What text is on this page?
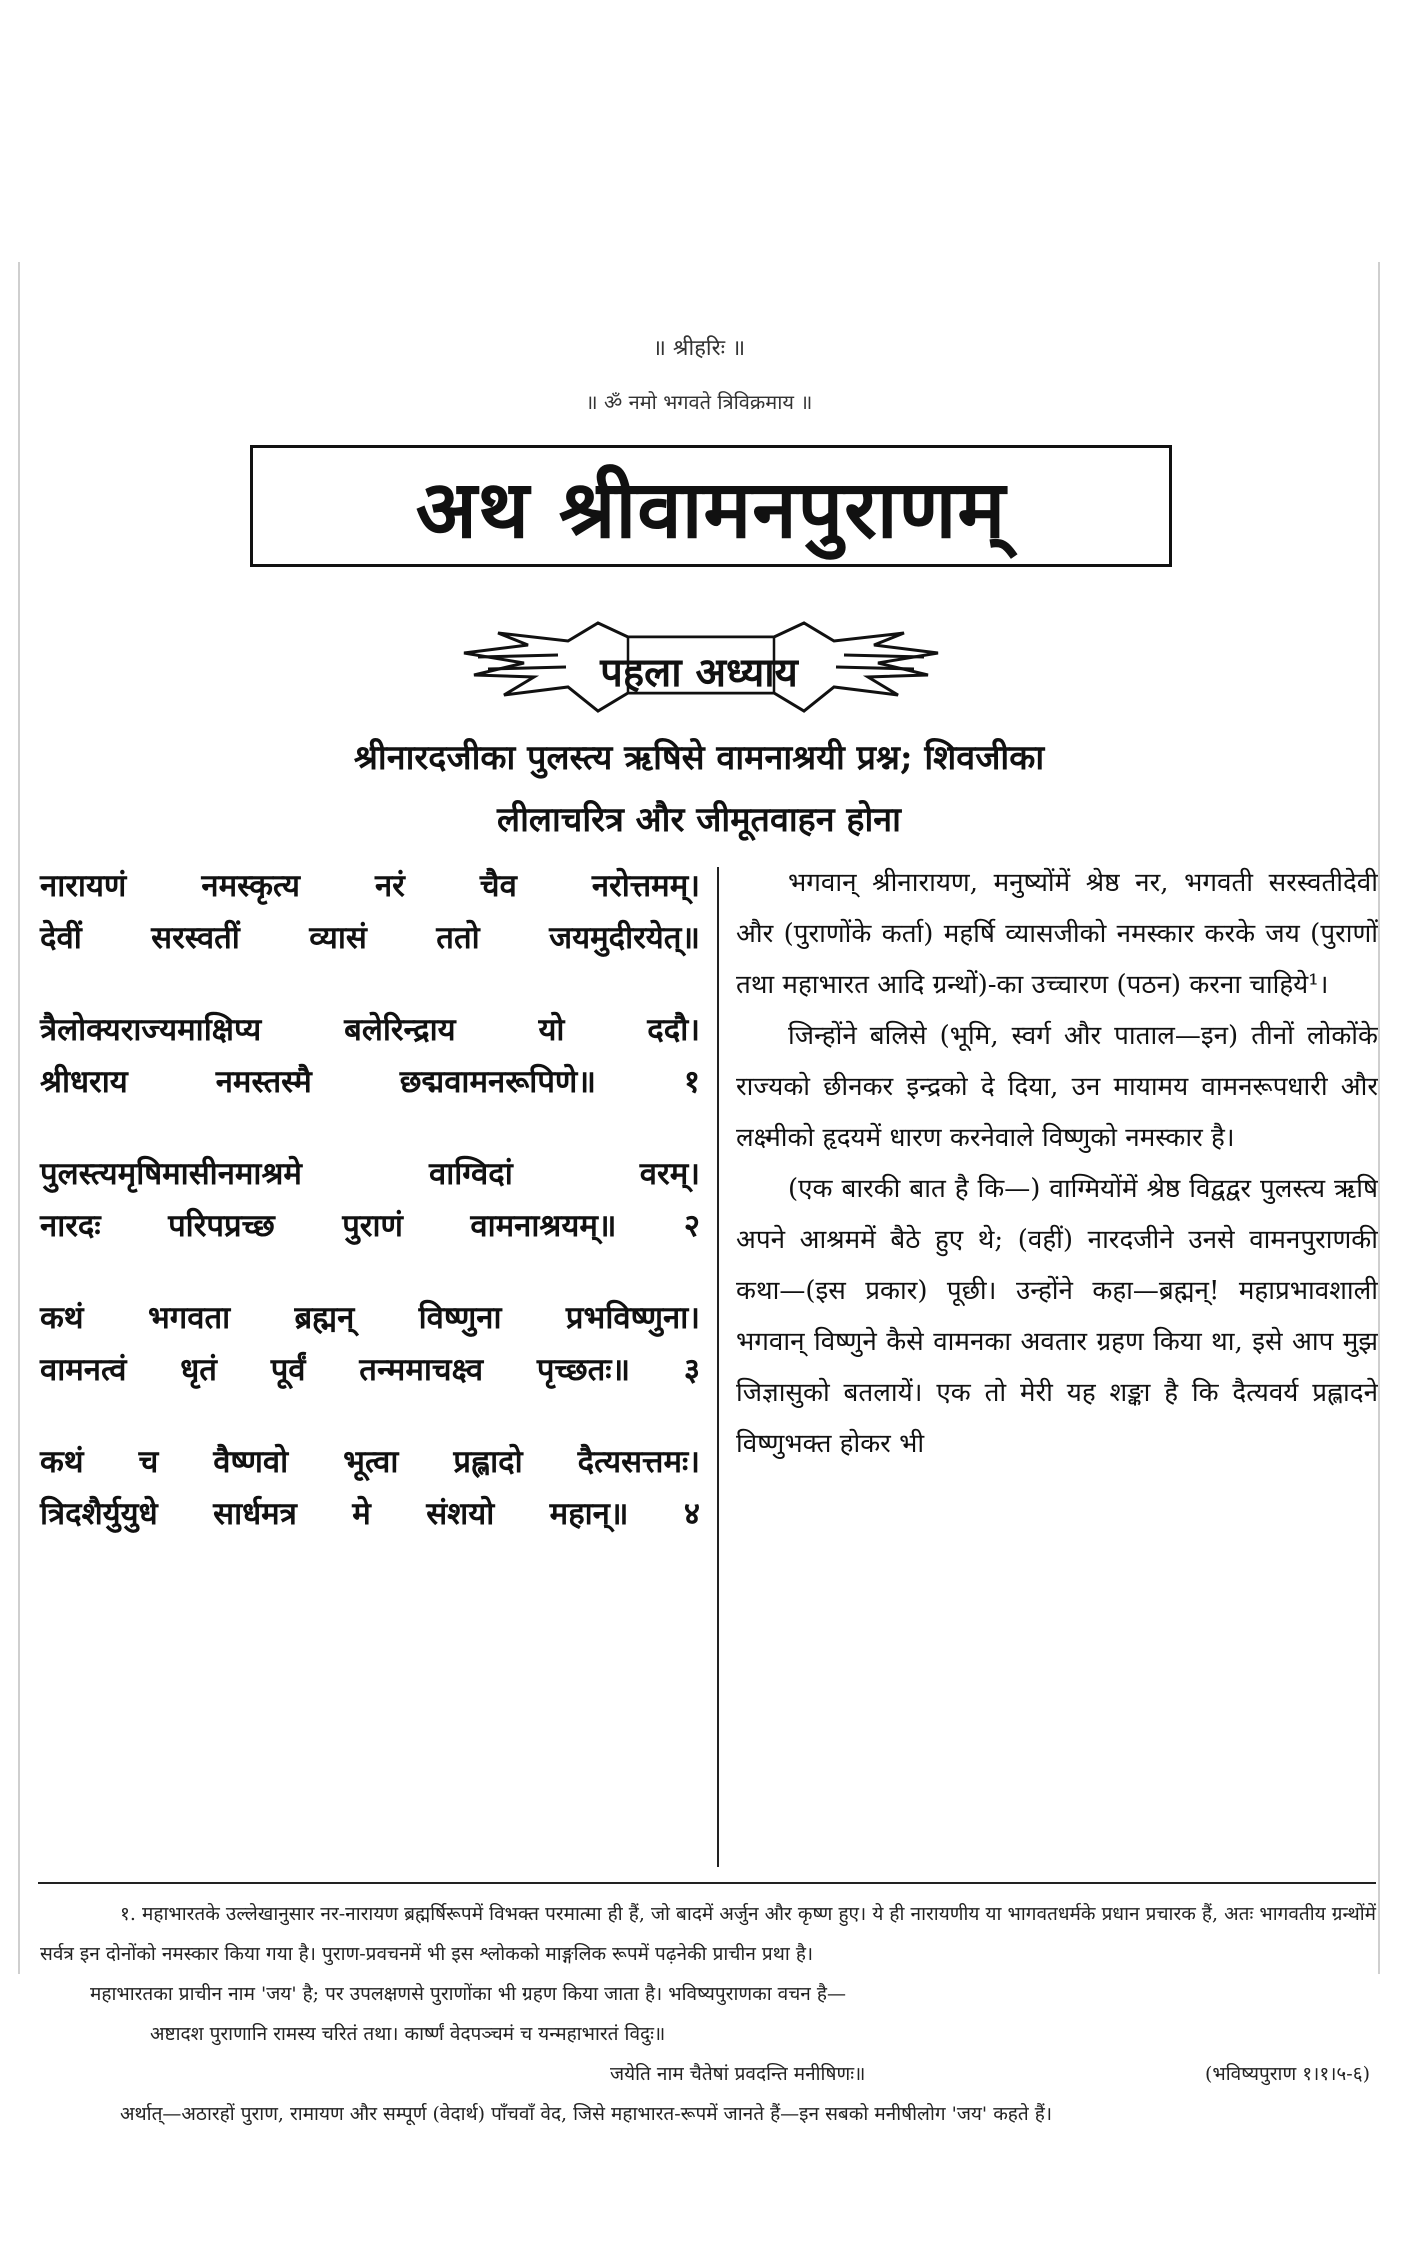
॥ श्रीहरिः ॥
॥ ॐ नमो भगवते त्रिविक्रमाय ॥
अथ श्रीवामनपुराणम्
पहला अध्याय
श्रीनारदजीका पुलस्त्य ऋषिसे वामनाश्रयी प्रश्न; शिवजीका
लीलाचरित्र और जीमूतवाहन होना
नारायणं नमस्कृत्य नरं चैव नरोत्तमम्।
देवीं सरस्वतीं व्यासं ततो जयमुदीरयेत्॥
त्रैलोक्यराज्यमाक्षिप्य बलेरिन्द्राय यो ददौ।
श्रीधराय नमस्तस्मै छद्मवामनरूपिणे॥ १
पुलस्त्यमृषिमासीनमाश्रमे वाग्विदां वरम्।
नारदः परिपप्रच्छ पुराणं वामनाश्रयम्॥ २
कथं भगवता ब्रह्मन् विष्णुना प्रभविष्णुना।
वामनत्वं धृतं पूर्वं तन्ममाचक्ष्व पृच्छतः॥ ३
कथं च वैष्णवो भूत्वा प्रह्लादो दैत्यसत्तमः।
त्रिदशैर्युयुधे सार्धमत्र मे संशयो महान्॥ ४

भगवान् श्रीनारायण, मनुष्योंमें श्रेष्ठ नर, भगवती सरस्वतीदेवी और (पुराणोंके कर्ता) महर्षि व्यासजीको नमस्कार करके जय (पुराणों तथा महाभारत आदि ग्रन्थों)-का उच्चारण (पठन) करना चाहिये¹।

जिन्होंने बलिसे (भूमि, स्वर्ग और पाताल—इन) तीनों लोकोंके राज्यको छीनकर इन्द्रको दे दिया, उन मायामय वामनरूपधारी और लक्ष्मीको हृदयमें धारण करनेवाले विष्णुको नमस्कार है।

(एक बारकी बात है कि—) वाग्मियोंमें श्रेष्ठ विद्वद्वर पुलस्त्य ऋषि अपने आश्रममें बैठे हुए थे; (वहीं) नारदजीने उनसे वामनपुराणकी कथा—(इस प्रकार) पूछी। उन्होंने कहा—ब्रह्मन्! महाप्रभावशाली भगवान् विष्णुने कैसे वामनका अवतार ग्रहण किया था, इसे आप मुझ जिज्ञासुको बतलायें। एक तो मेरी यह शङ्का है कि दैत्यवर्य प्रह्लादने विष्णुभक्त होकर भी

१. महाभारतके उल्लेखानुसार नर-नारायण ब्रह्मर्षिरूपमें विभक्त परमात्मा ही हैं, जो बादमें अर्जुन और कृष्ण हुए। ये ही नारायणीय या भागवतधर्मके प्रधान प्रचारक हैं, अतः भागवतीय ग्रन्थोंमें सर्वत्र इन दोनोंको नमस्कार किया गया है। पुराण-प्रवचनमें भी इस श्लोकको माङ्गलिक रूपमें पढ़नेकी प्राचीन प्रथा है।

महाभारतका प्राचीन नाम 'जय' है; पर उपलक्षणसे पुराणोंका भी ग्रहण किया जाता है। भविष्यपुराणका वचन है—

अष्टादश पुराणानि रामस्य चरितं तथा। कार्ष्णं वेदपञ्चमं च यन्महाभारतं विदुः॥

जयेति नाम चैतेषां प्रवदन्ति मनीषिणः॥	(भविष्यपुराण १।१।५-६)

अर्थात्—अठारहों पुराण, रामायण और सम्पूर्ण (वेदार्थ) पाँचवाँ वेद, जिसे महाभारत-रूपमें जानते हैं—इन सबको मनीषीलोग 'जय' कहते हैं।
